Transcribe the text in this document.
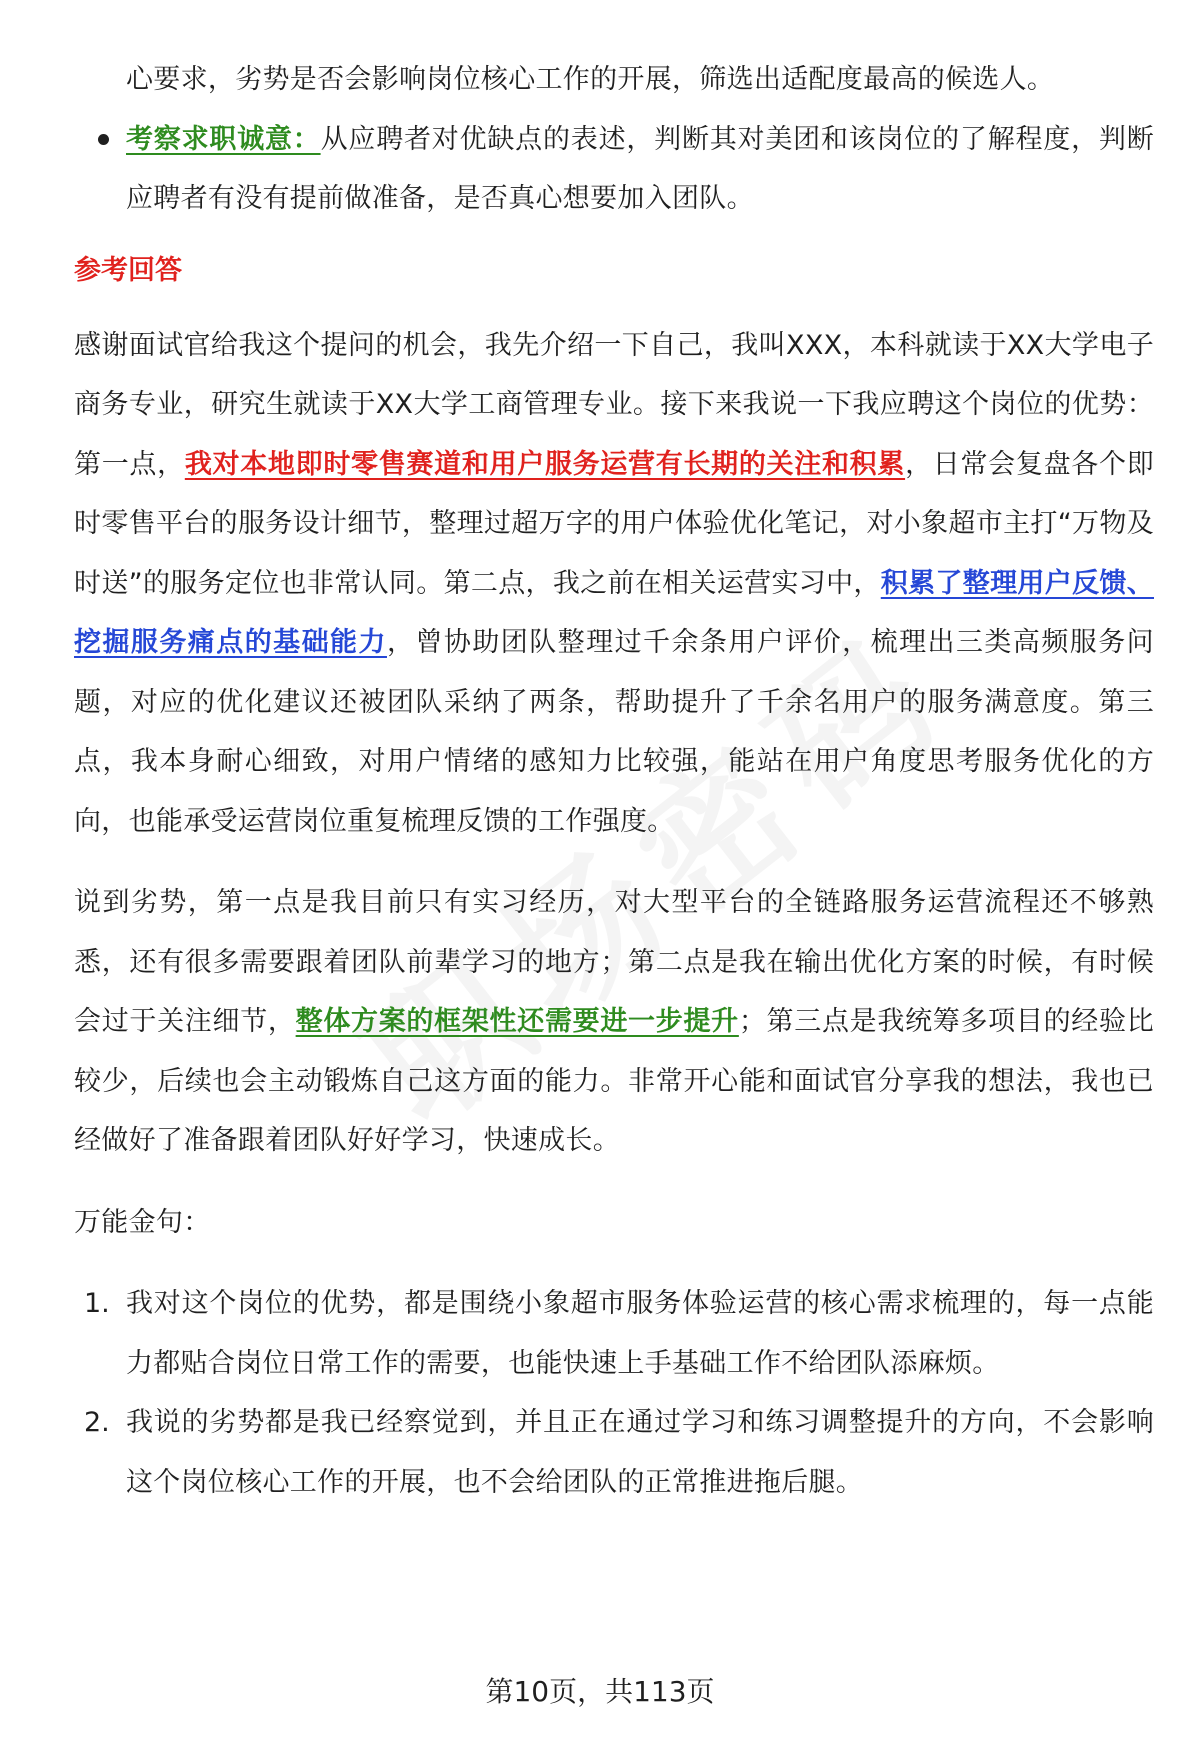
心要求，劣势是否会影响岗位核心工作的开展，筛选出适配度最高的候选人。

考察求职诚意：从应聘者对优缺点的表述，判断其对美团和该岗位的了解程度，判断应聘者有没有提前做准备，是否真心想要加入团队。

参考回答

感谢面试官给我这个提问的机会，我先介绍一下自己，我叫XXX，本科就读于XX大学电子商务专业，研究生就读于XX大学工商管理专业。接下来我说一下我应聘这个岗位的优势：第一点，我对本地即时零售赛道和用户服务运营有长期的关注和积累，日常会复盘各个即时零售平台的服务设计细节，整理过超万字的用户体验优化笔记，对小象超市主打“万物及时送”的服务定位也非常认同。第二点，我之前在相关运营实习中，积累了整理用户反馈、挖掘服务痛点的基础能力，曾协助团队整理过千余条用户评价，梳理出三类高频服务问题，对应的优化建议还被团队采纳了两条，帮助提升了千余名用户的服务满意度。第三点，我本身耐心细致，对用户情绪的感知力比较强，能站在用户角度思考服务优化的方向，也能承受运营岗位重复梳理反馈的工作强度。

说到劣势，第一点是我目前只有实习经历，对大型平台的全链路服务运营流程还不够熟悉，还有很多需要跟着团队前辈学习的地方；第二点是我在输出优化方案的时候，有时候会过于关注细节，整体方案的框架性还需要进一步提升；第三点是我统筹多项目的经验比较少，后续也会主动锻炼自己这方面的能力。非常开心能和面试官分享我的想法，我也已经做好了准备跟着团队好好学习，快速成长。

万能金句：

1. 我对这个岗位的优势，都是围绕小象超市服务体验运营的核心需求梳理的，每一点能力都贴合岗位日常工作的需要，也能快速上手基础工作不给团队添麻烦。

2. 我说的劣势都是我已经察觉到，并且正在通过学习和练习调整提升的方向，不会影响这个岗位核心工作的开展，也不会给团队的正常推进拖后腿。

第10页，共113页
